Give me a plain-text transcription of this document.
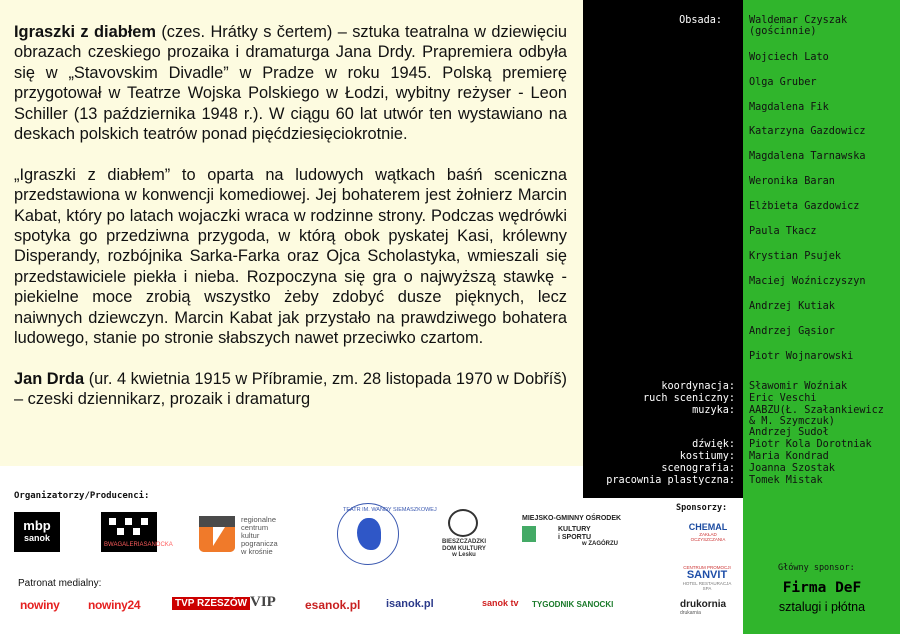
Igraszki z diabłem (czes. Hrátky s čertem) – sztuka teatralna w dziewięciu obrazach czeskiego prozaika i dramaturga Jana Drdy. Prapremiera odbyła się w „Stavovskim Divadle” w Pradze w roku 1945. Polską premierę przygotował w Teatrze Wojska Polskiego w Łodzi, wybitny reżyser - Leon Schiller (13 października 1948 r.). W ciągu 60 lat utwór ten wystawiano na deskach polskich teatrów ponad pięćdziesięciokrotnie.

„Igraszki z diabłem” to oparta na ludowych wątkach baśń sceniczna przedstawiona w konwencji komediowej. Jej bohaterem jest żołnierz Marcin Kabat, który po latach wojaczki wraca w rodzinne strony. Podczas wędrówki spotyka go przedziwna przygoda, w którą obok pyskatej Kasi, królewny Disperandy, rozbójnika Sarka-Farka oraz Ojca Scholastyka, wmieszali się przedstawiciele piekła i nieba. Rozpoczyna się gra o najwyższą stawkę - piekielne moce zrobią wszystko żeby zdobyć dusze pięknych, lecz naiwnych dziewczyn. Marcin Kabat jak przystało na prawdziwego bohatera ludowego, stanie po stronie słabszych nawet przeciwko czartom.

Jan Drda (ur. 4 kwietnia 1915 w Příbramie, zm. 28 listopada 1970 w Dobříš) – czeski dziennikarz, prozaik i dramaturg

Obsada:	Waldemar Czyszak
(gościnnie)
Wojciech Lato
Olga Gruber
Magdalena Fik
Katarzyna Gazdowicz
Magdalena Tarnawska
Weronika Baran
Elżbieta Gazdowicz
Paula Tkacz
Krystian Psujek
Maciej Woźniczyszyn
Andrzej Kutiak
Andrzej Gąsior
Piotr Wojnarowski
koordynacja: Sławomir Woźniak
ruch sceniczny: Eric Veschi
muzyka: AABZU(Ł. Szałankiewicz
& M. Szymczuk)
Andrzej Sudoł
dźwięk: Piotr Kola Dorotniak
kostiumy: Maria Kondrad
scenografia: Joanna Szostak
pracownia plastyczna: Tomek Mistak
Organizatorzy/Producenci:
mbp
sanok
BWAGALERIASANOCKA
regionalne
centrum
kultur
pogranicza
w krośnie
TEATR IM. WANDY SIEMASZKOWEJ
BIESZCZADZKI
DOM KULTURY
w Lesku
MIEJSKO-GMINNY OŚRODEK
KULTURY
i SPORTU
w ZAGÓRZU
Sponsorzy:
CHEMAL
ZAKŁAD OCZYSZCZANIA
CENTRUM PROMOCJI
SANVIT
HOTEL RESTAURACJA SPA
drukornia
drukarnia
Patronat medialny:
nowiny nowiny24	TVP RZESZÓW VIP esanok.pl isanok.pl	sanok tv TYGODNIK SANOCKI
Główny sponsor:
Firma DeF
sztalugi i płótna
